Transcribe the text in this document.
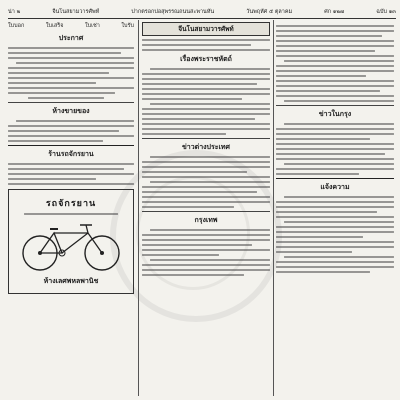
น่า ๒	จีนโนสยามวารศัพท์	ปากตรอกบ่อสุพรรณถนนสะพานหัน	วันพฤหัศ ๕ ตุลาคม	ศก ๑๒๗	ฉบับ ๑๓
ใบบอก	ใบเสร็จ	ใบเช่า	ใบรับ
ประกาศ
ห้างขายของ
ร้านรถจักรยาน
รถจักรยาน
ห้างเลศพหลพานิช
จีนโนสยามวารศัพท์
เรื่องพระราชหัตถ์
ข่าวต่างประเทศ
กรุงเทพ
ข่าวในกรุง
แจ้งความ
